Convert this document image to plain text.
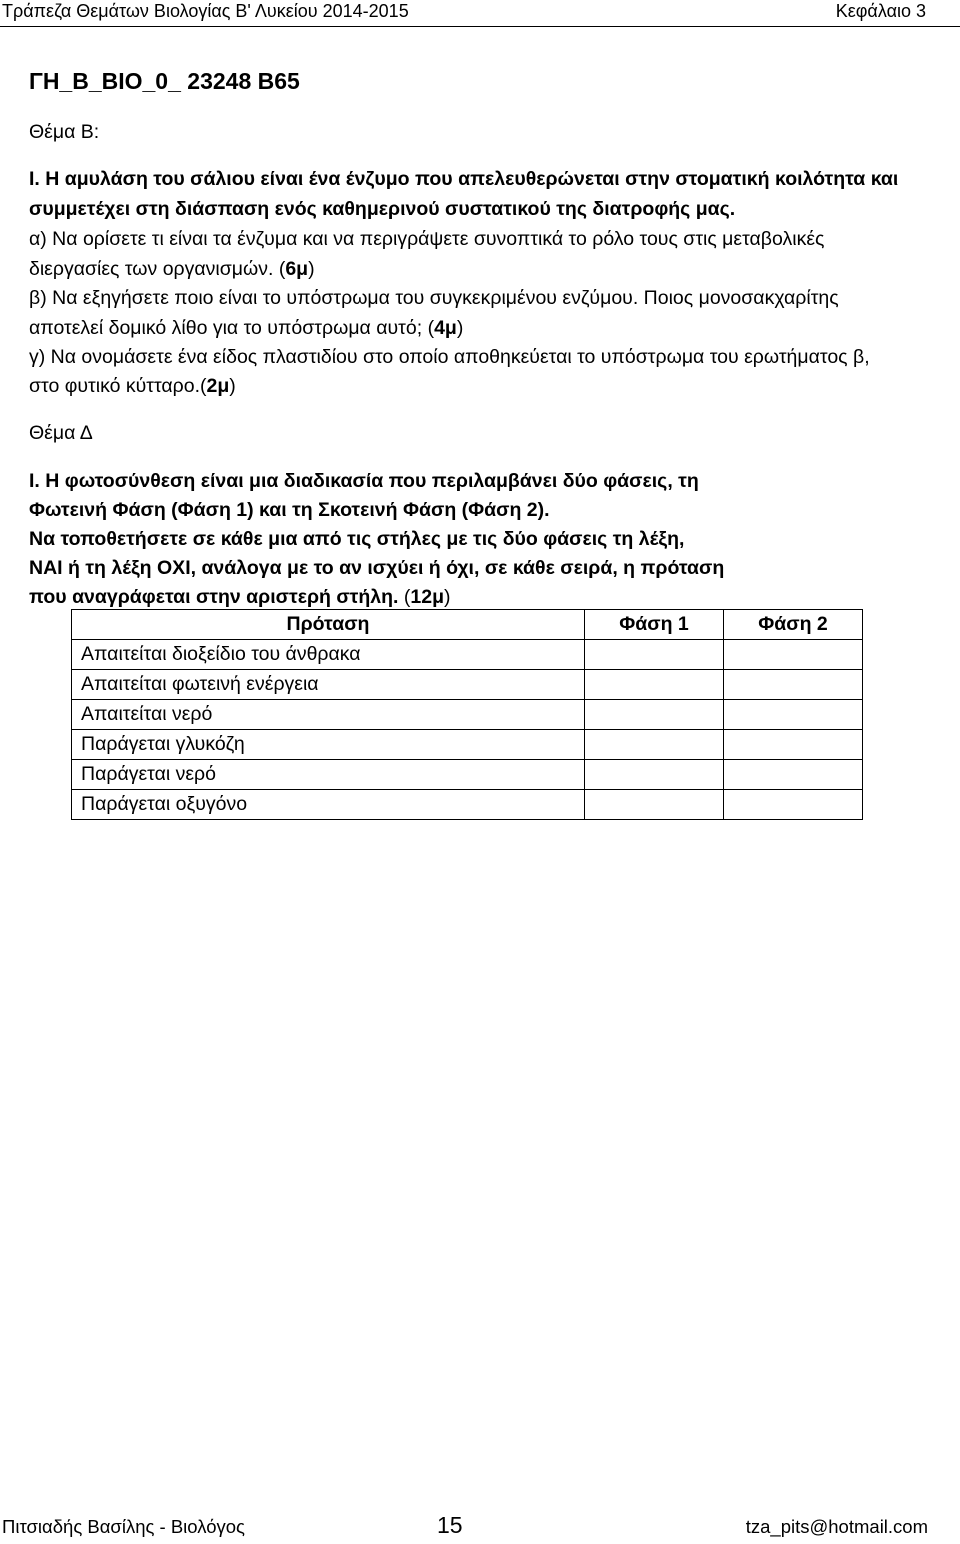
Τράπεζα Θεμάτων Βιολογίας Β' Λυκείου 2014-2015	Κεφάλαιο 3
ΓΗ_Β_ΒΙΟ_0_ 23248 Β65
Θέμα Β:
Ι. Η αμυλάση του σάλιου είναι ένα ένζυμο που απελευθερώνεται στην στοματική κοιλότητα και
συμμετέχει στη διάσπαση ενός καθημερινού συστατικού της διατροφής μας.
α) Να ορίσετε τι είναι τα ένζυμα και να περιγράψετε συνοπτικά το ρόλο τους στις μεταβολικές
διεργασίες των οργανισμών. (6μ)
β) Να εξηγήσετε ποιο είναι το υπόστρωμα του συγκεκριμένου ενζύμου. Ποιος μονοσακχαρίτης
αποτελεί δομικό λίθο για το υπόστρωμα αυτό; (4μ)
γ) Να ονομάσετε ένα είδος πλαστιδίου στο οποίο αποθηκεύεται το υπόστρωμα του ερωτήματος β,
στο φυτικό κύτταρο.(2μ)
Θέμα Δ
Ι. Η φωτοσύνθεση είναι μια διαδικασία που περιλαμβάνει δύο φάσεις, τη
Φωτεινή Φάση (Φάση 1) και τη Σκοτεινή Φάση (Φάση 2).
Να τοποθετήσετε σε κάθε μια από τις στήλες με τις δύο φάσεις τη λέξη,
ΝΑΙ ή τη λέξη ΟΧΙ, ανάλογα με το αν ισχύει ή όχι, σε κάθε σειρά, η πρόταση
που αναγράφεται στην αριστερή στήλη. (12μ)
Πρόταση	Φάση 1	Φάση 2
Απαιτείται διοξείδιο του άνθρακα		
Απαιτείται φωτεινή ενέργεια		
Απαιτείται νερό		
Παράγεται γλυκόζη		
Παράγεται νερό		
Παράγεται οξυγόνο		
Πιτσιαδής Βασίλης - Βιολόγος	15	tza_pits@hotmail.com
